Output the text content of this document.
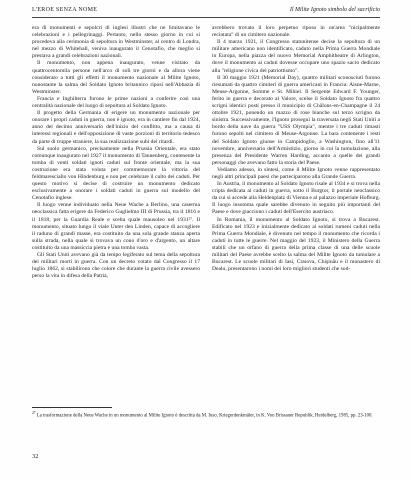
L'EROE SENZA NOME	Il Milite Ignoto simbolo del sacrificio

era di monumenti e sepolcri di inglesi illustri che ne limitavano le celebrazioni e i pellegrinaggi. Pertanto, nello stesso giorno in cui si procedeva alla cerimonia di sepoltura in Westminster, al centro di Londra, nel mezzo di Whitehall, veniva inaugurato il Cenotafio, che meglio si prestava a grandi celebrazioni nazionali.

Il monumento, non appena inaugurato, venne visitato da quattrocentomila persone nell'arco di soli tre giorni e da allora viene considerato a tutti gli effetti il monumento nazionale al Milite Ignoto, nonostante la salma del Soldato Ignoto britannico riposi nell'Abbazia di Westminster.

Francia e Inghilterra furono le prime nazioni a conferire così una centralità nazionale del luogo di sepoltura al Soldato Ignoto.

Il progetto della Germania di erigere un monumento nazionale per onorare i propri caduti in guerra, non è ignoto, era in cantiere fin dal 1924, anno del decimo anniversario dell'inizio del conflitto, ma a causa di interessi regionali e dell'opposizione di vaste porzioni di territorio tedesco da parte di truppe straniere, la sua realizzazione subì dei ritardi.

Sul suolo germanico, precisamente nella Prussia Orientale, era stato comunque inaugurato nel 1927 il monumento di Tannenberg, contenente la tomba di venti soldati ignoti caduti sul fronte orientale, ma la sua costruzione era stata voluta per commemorare la vittoria del feldmaresciallo von Hindenburg e non per celebrare il culto dei caduti. Per questo motivo si decise di costruire un monumento dedicato esclusivamente a onorare i soldati caduti in guerra sul modello del Cenotafio inglese.

Il luogo venne individuato nella Neue Wache a Berlino, una caserma neoclassica fatta erigere da Federico Guglielmo III di Prussia, tra il 1816 e il 1818, per la Guardia Reale e scelta quale mausoleo nel 1931²⁷. Il monumento, situato lungo il viale Unter den Linden, capace di accogliere il raduno di grandi masse, era costituito da una sola grande stanza aperta sulla strada, nella quale si trovava un cono d'oro e d'argento, un altare costituito da una massiccia pietra e una tomba vasta.

Gli Stati Uniti avevano già da tempo legiferato sul tema della sepoltura dei militari morti in guerra. Con un decreto votato dal Congresso il 17 luglio 1862, si stabilirono che colore che durante la guerra civile avessero perso la vita in difesa della Patria,

avrebbero trovato il loro perpetuo riposo in un'area "nicipalmente recintata" di un cimitero nazionale.

Il 4 marzo 1921, il Congresso statunitense decise la sepoltura di un militare americano non identificato, caduto nella Prima Guerra Mondiale in Europa, nella piazza del nuovo Memorial Amphitheatre di Arlington, dove il monumento ai caduti dovesse occupare uno spazio sacro dedicato alla "religione civica del patriottismo".

Il 30 maggio 1921 (Memorial Day), quattro militari sconosciuti furono riesumati da quattro cimiteri di guerra americani in Francia: Aisne-Marne, Meuse-Argonne, Somme e St. Mihiel. Il Sergente Edward F. Younger, ferito in guerra e decorato al Valore, scelse il Soldato Ignoto fra quattro scrigni identici posti presso il municipio di Châlons-en-Champagne il 24 ottobre 1921, ponendo un mazzo di rose bianche sul terzo scrigno da sinistra. Successivamente, l'Ignoto proseguì la traversata negli Stati Uniti a bordo della nave da guerra "USS Olympia", mentre i tre caduti rimasti furono sepolti nel cimitero di Meuse-Argonne. La bara contenente i resti del Soldato Ignoto giunse in Campidoglio, a Washington, fino all'11 novembre, anniversario dell'Armistizio, giorno in cui la tumulazione, alla presenza del Presidente Warren Harding, accanto a quelle dei grandi personaggi che avevano fatto la storia del Paese.

Vediamo adesso, in sintesi, come il Milite Ignoto venne rappresentato negli altri principali paesi che parteciparono alla Grande Guerra.

In Austria, il monumento al Soldato Ignoto risale al 1934 e si trova nella cripta dedicata ai caduti in guerra, sotto il Burgtor, il portale neoclassico da cui si accede alla Heldenplatz di Vienna e al palazzo imperiale Hofburg. Il luogo insomma quale sarebbe divenuto in seguito più importanti del Paese e dove giacciono i caduti dell'Esercito austriaco.

In Romania, il monumento al Soldato Ignoto, si trova a Bucarest. Edificato nel 1923 e inizialmente dedicato ai soldati rumeni caduti nella Prima Guerra Mondiale, è divenuto nel tempo il monumento che ricorda i caduti in tutte le guerre. Nel maggio del 1923, il Ministero della Guerra stabilì che un orfano di guerra della prima classe di una delle scuole militari del Paese avrebbe scelto la salma del Milite Ignoto da tumulare a Bucarest. Le scuole militari di Iasi, Craiova, Chişinău e il monastero di Dealu, presentarono i nomi dei loro migliori studenti che sod-

$^{27}$ La trasformazione della Neue Wache in un monumento al Milite Ignoto è descritta da M. Iuso, Kriegerdenkmäler, in K. Von Brissauer Republik, Heidelberg, 1985, pp. 23-100.
32
